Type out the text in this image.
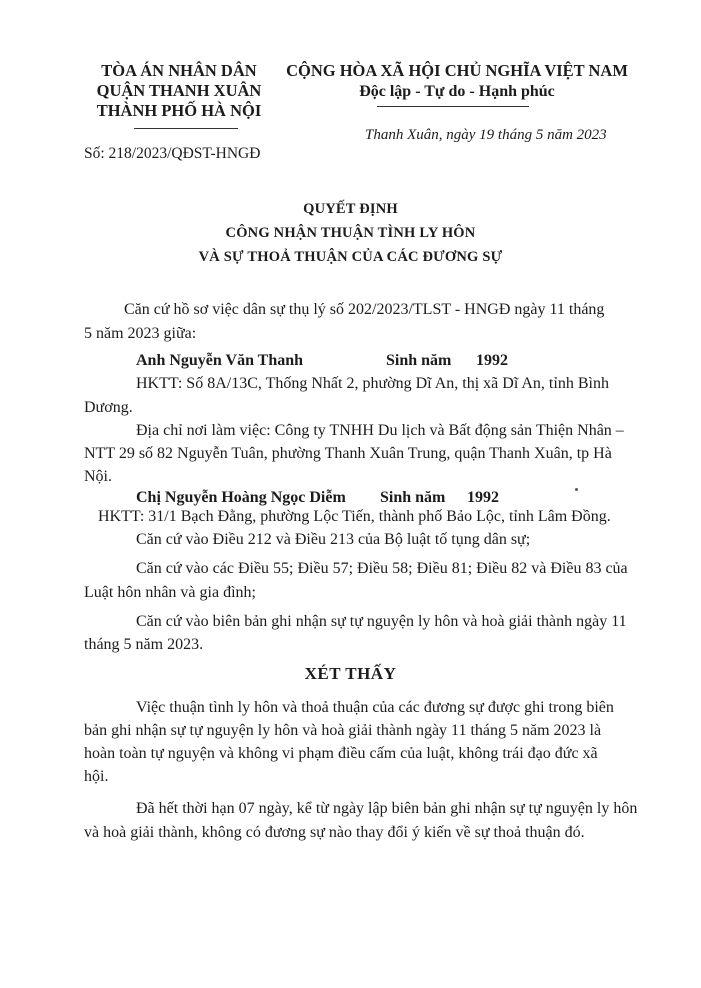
TÒA ÁN NHÂN DÂN
QUẬN THANH XUÂN
THÀNH PHỐ HÀ NỘI
CỘNG HÒA XÃ HỘI CHỦ NGHĨA VIỆT NAM
Độc lập - Tự do - Hạnh phúc
Thanh Xuân, ngày 19 tháng 5 năm 2023
Số: 218/2023/QĐST-HNGĐ
QUYẾT ĐỊNH
CÔNG NHẬN THUẬN TÌNH LY HÔN
VÀ SỰ THOẢ THUẬN CỦA CÁC ĐƯƠNG SỰ
Căn cứ hồ sơ việc dân sự thụ lý số 202/2023/TLST - HNGĐ ngày 11 tháng
5 năm 2023 giữa:
Anh Nguyễn Văn Thanh	Sinh năm 1992
HKTT: Số 8A/13C, Thống Nhất 2, phường Dĩ An, thị xã Dĩ An, tỉnh Bình
Dương.
Địa chỉ nơi làm việc: Công ty TNHH Du lịch và Bất động sản Thiện Nhân –
NTT 29 số 82 Nguyễn Tuân, phường Thanh Xuân Trung, quận Thanh Xuân, tp Hà
Nội.
Chị Nguyễn Hoàng Ngọc Diễm Sinh năm 1992
HKTT: 31/1 Bạch Đằng, phường Lộc Tiến, thành phố Bảo Lộc, tỉnh Lâm Đồng.
Căn cứ vào Điều 212 và Điều 213 của Bộ luật tố tụng dân sự;
Căn cứ vào các Điều 55; Điều 57; Điều 58; Điều 81; Điều 82 và Điều 83 của
Luật hôn nhân và gia đình;
Căn cứ vào biên bản ghi nhận sự tự nguyện ly hôn và hoà giải thành ngày 11
tháng 5 năm 2023.
XÉT THẤY
Việc thuận tình ly hôn và thoả thuận của các đương sự được ghi trong biên
bản ghi nhận sự tự nguyện ly hôn và hoà giải thành ngày 11 tháng 5 năm 2023 là
hoàn toàn tự nguyện và không vi phạm điều cấm của luật, không trái đạo đức xã
hội.
Đã hết thời hạn 07 ngày, kể từ ngày lập biên bản ghi nhận sự tự nguyện ly hôn
và hoà giải thành, không có đương sự nào thay đổi ý kiến về sự thoả thuận đó.
